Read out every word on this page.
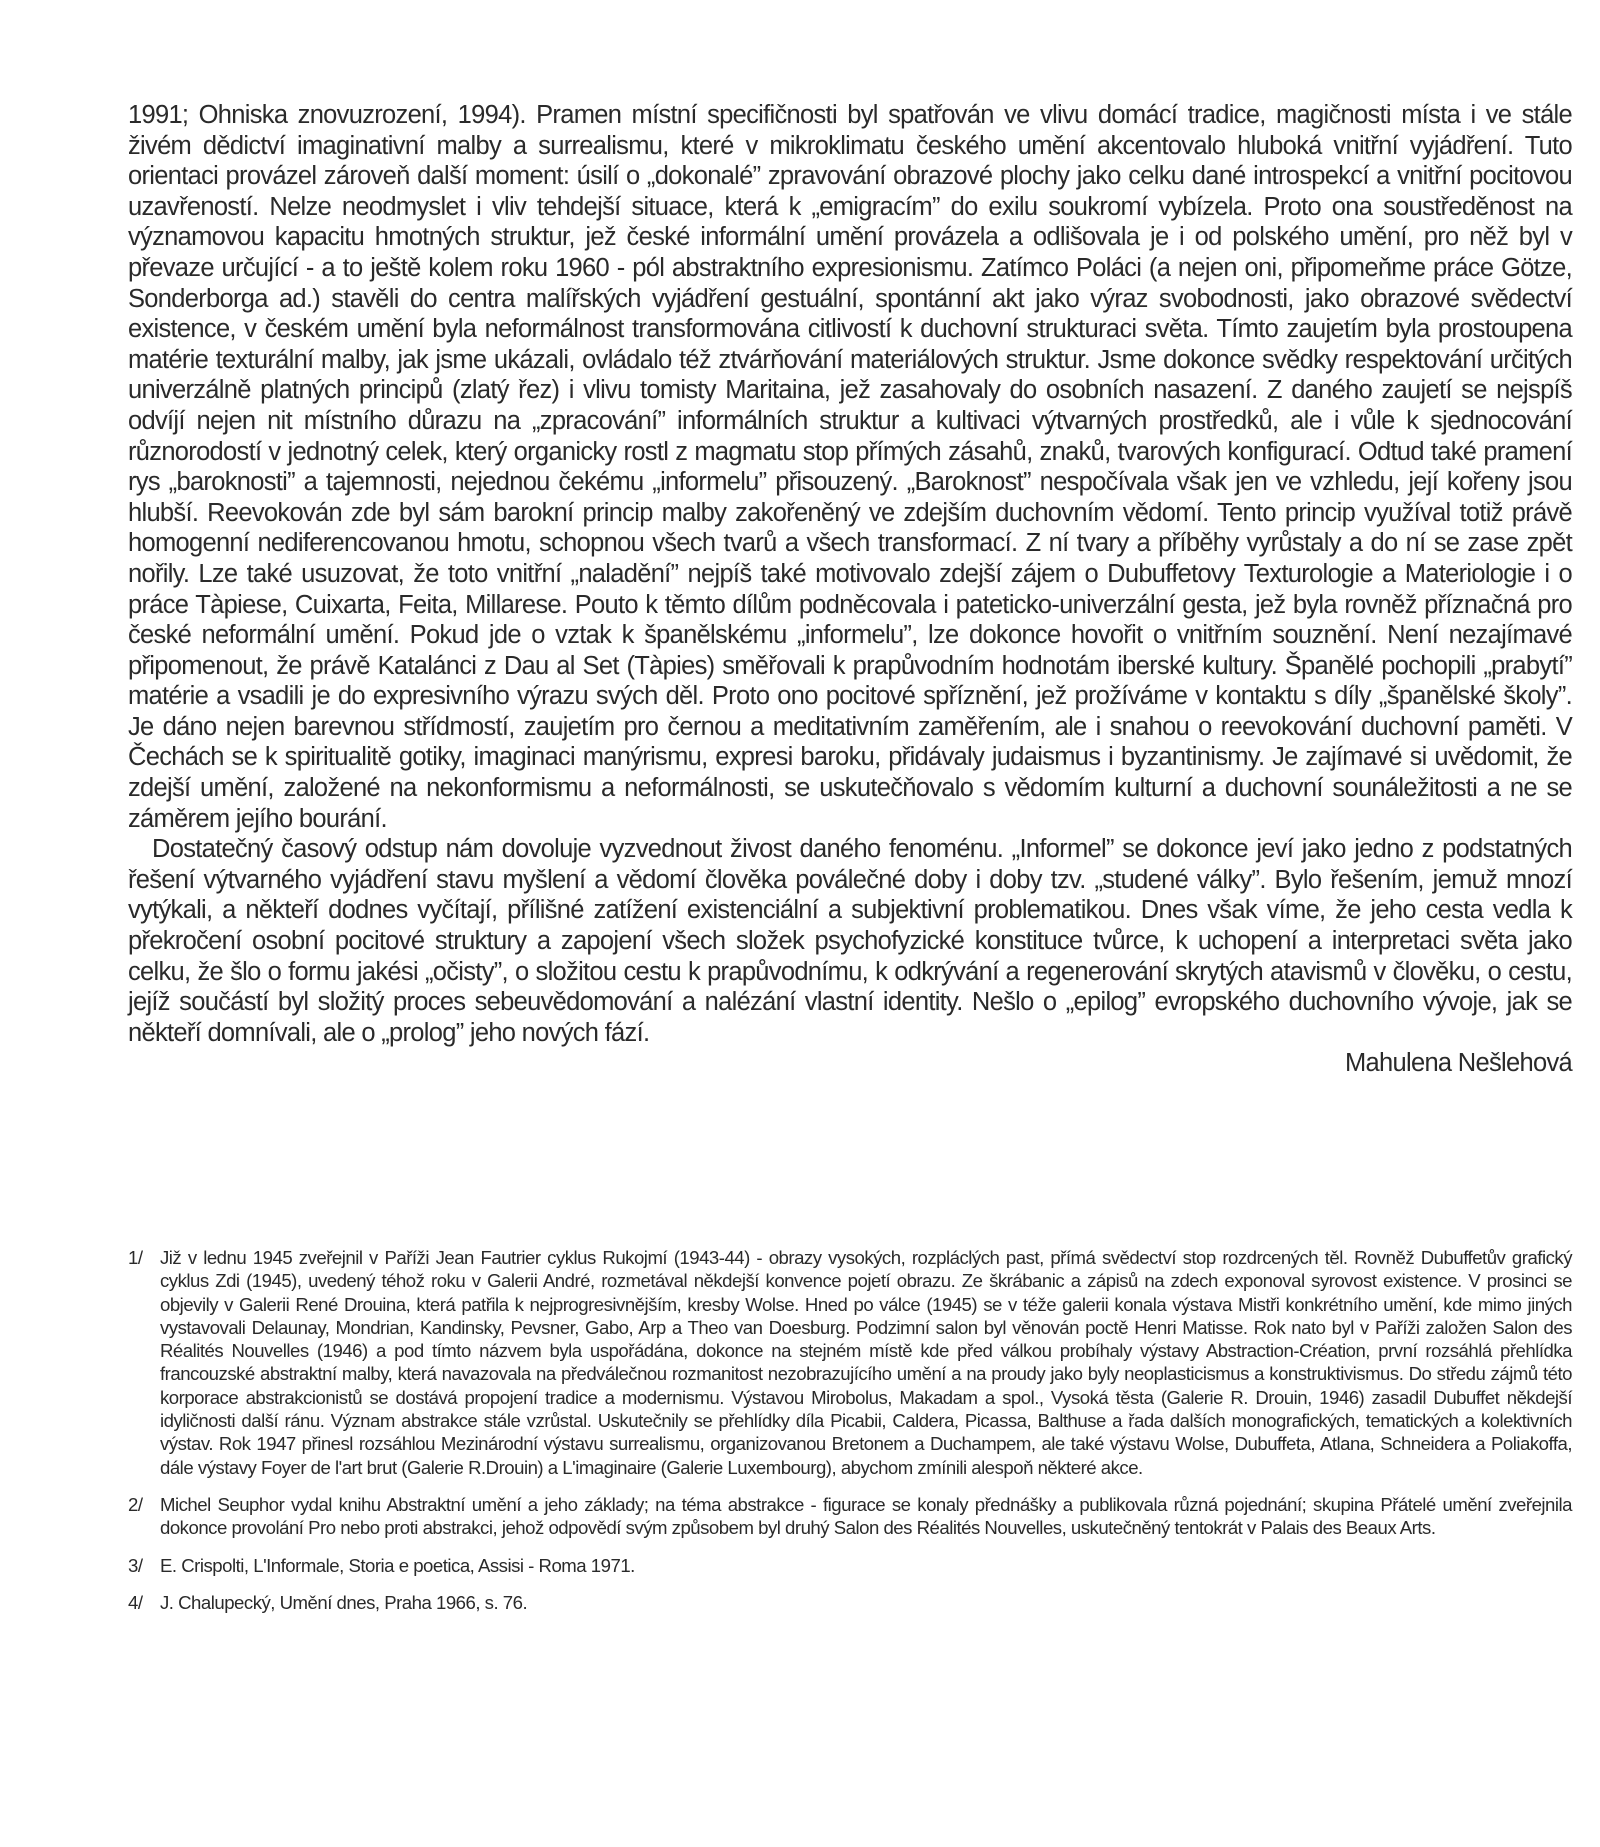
1991; Ohniska znovuzrození, 1994). Pramen místní specifičnosti byl spatřován ve vlivu domácí tradice, magičnosti místa i ve stále živém dědictví imaginativní malby a surrealismu, které v mikroklimatu českého umění akcentovalo hluboká vnitřní vyjádření. Tuto orientaci provázel zároveň další moment: úsilí o „dokonalé” zpravování obrazové plochy jako celku dané introspekcí a vnitřní pocitovou uzavřeností. Nelze neodmyslet i vliv tehdejší situace, která k „emigracím” do exilu soukromí vybízela. Proto ona soustředěnost na významovou kapacitu hmotných struktur, jež české informální umění provázela a odlišovala je i od polského umění, pro něž byl v převaze určující - a to ještě kolem roku 1960 - pól abstraktního expresionismu. Zatímco Poláci (a nejen oni, připomeňme práce Götze, Sonderborga ad.) stavěli do centra malířských vyjádření gestuální, spontánní akt jako výraz svobodnosti, jako obrazové svědectví existence, v českém umění byla neformálnost transformována citlivostí k duchovní strukturaci světa. Tímto zaujetím byla prostoupena matérie texturální malby, jak jsme ukázali, ovládalo též ztvárňování materiálových struktur. Jsme dokonce svědky respektování určitých univerzálně platných principů (zlatý řez) i vlivu tomisty Maritaina, jež zasahovaly do osobních nasazení. Z daného zaujetí se nejspíš odvíjí nejen nit místního důrazu na „zpracování” informálních struktur a kultivaci výtvarných prostředků, ale i vůle k sjednocování různorodostí v jednotný celek, který organicky rostl z magmatu stop přímých zásahů, znaků, tvarových konfigurací. Odtud také pramení rys „baroknosti” a tajemnosti, nejednou čekému „informelu” přisouzený. „Baroknost” nespočívala však jen ve vzhledu, její kořeny jsou hlubší. Reevokován zde byl sám barokní princip malby zakořeněný ve zdejším duchovním vědomí. Tento princip využíval totiž právě homogenní nediferencovanou hmotu, schopnou všech tvarů a všech transformací. Z ní tvary a příběhy vyrůstaly a do ní se zase zpět nořily. Lze také usuzovat, že toto vnitřní „naladění” nejpíš také motivovalo zdejší zájem o Dubuffetovy Texturologie a Materiologie i o práce Tàpiese, Cuixarta, Feita, Millarese. Pouto k těmto dílům podněcovala i patetickо-univerzální gesta, jež byla rovněž příznačná pro české neformální umění. Pokud jde o vztak k španělskému „informelu”, lze dokonce hovořit o vnitřním souznění. Není nezajímavé připomenout, že právě Katalánci z Dau al Set (Tàpies) směřovali k prapůvodním hodnotám iberské kultury. Španělé pochopili „prabytí” matérie a vsadili je do expresivního výrazu svých děl. Proto ono pocitové spříznění, jež prožíváme v kontaktu s díly „španělské školy”. Je dáno nejen barevnou střídmostí, zaujetím pro černou a meditativním zaměřením, ale i snahou o reevokování duchovní paměti. V Čechách se k spiritualitě gotiky, imaginaci manýrismu, expresi baroku, přidávaly judaismus i byzantinismy. Je zajímavé si uvědomit, že zdejší umění, založené na nekonformismu a neformálnosti, se uskutečňovalo s vědomím kulturní a duchovní sounáležitosti a ne se záměrem jejího bourání.

Dostatečný časový odstup nám dovoluje vyzvednout živost daného fenoménu. „Informel” se dokonce jeví jako jedno z podstatných řešení výtvarného vyjádření stavu myšlení a vědomí člověka poválečné doby i doby tzv. „studené války”. Bylo řešením, jemuž mnozí vytýkali, a někteří dodnes vyčítají, přílišné zatížení existenciální a subjektivní problematikou. Dnes však víme, že jeho cesta vedla k překročení osobní pocitové struktury a zapojení všech složek psychofyzické konstituce tvůrce, k uchopení a interpretaci světa jako celku, že šlo o formu jakési „očisty”, o složitou cestu k prapůvodnímu, k odkrývání a regenerování skrytých atavismů v člověku, o cestu, jejíž součástí byl složitý proces sebeuvědomování a nalézání vlastní identity. Nešlo o „epilog” evropského duchovního vývoje, jak se někteří domnívali, ale o „prolog” jeho nových fází.

Mahulena Nešlehová

1/ Již v lednu 1945 zveřejnil v Paříži Jean Fautrier cyklus Rukojmí (1943-44) - obrazy vysokých, rozpláclých past, přímá svědectví stop rozdrcených těl. Rovněž Dubuffetův grafický cyklus Zdi (1945), uvedený téhož roku v Galerii André, rozmetával někdejší konvence pojetí obrazu. Ze škrábanic a zápisů na zdech exponoval syrovost existence. V prosinci se objevily v Galerii René Drouina, která patřila k nejprogresivnějším, kresby Wolse. Hned po válce (1945) se v téže galerii konala výstava Mistři konkrétního umění, kde mimo jiných vystavovali Delaunay, Mondrian, Kandinsky, Pevsner, Gabo, Arp a Theo van Doesburg. Podzimní salon byl věnován poctě Henri Matisse. Rok nato byl v Paříži založen Salon des Réalités Nouvelles (1946) a pod tímto názvem byla uspořádána, dokonce na stejném místě kde před válkou probíhaly výstavy Abstraction-Création, první rozsáhlá přehlídka francouzské abstraktní malby, která navazovala na předválečnou rozmanitost nezobrazujícího umění a na proudy jako byly neoplasticismus a konstruktivismus. Do středu zájmů této korporace abstrakcionistů se dostává propojení tradice a modernismu. Výstavou Mirobolus, Makadam a spol., Vysoká těsta (Galerie R. Drouin, 1946) zasadil Dubuffet někdejší idyličnosti další ránu. Význam abstrakce stále vzrůstal. Uskutečnily se přehlídky díla Picabii, Caldera, Picassa, Balthuse a řada dalších monografických, tematických a kolektivních výstav. Rok 1947 přinesl rozsáhlou Mezinárodní výstavu surrealismu, organizovanou Bretonem a Duchampem, ale také výstavu Wolse, Dubuffeta, Atlana, Schneidera a Poliakoffa, dále výstavy Foyer de l'art brut (Galerie R.Drouin) a L'imaginaire (Galerie Luxembourg), abychom zmínili alespoň některé akce.
2/ Michel Seuphor vydal knihu Abstraktní umění a jeho základy; na téma abstrakce - figurace se konaly přednášky a publikovala různá pojednání; skupina Přátelé umění zveřejnila dokonce provolání Pro nebo proti abstrakci, jehož odpovědí svým způsobem byl druhý Salon des Réalités Nouvelles, uskutečněný tentokrát v Palais des Beaux Arts.
3/ E. Crispolti, L'Informale, Storia e poetica, Assisi - Roma 1971.
4/ J. Chalupecký, Umění dnes, Praha 1966, s. 76.
